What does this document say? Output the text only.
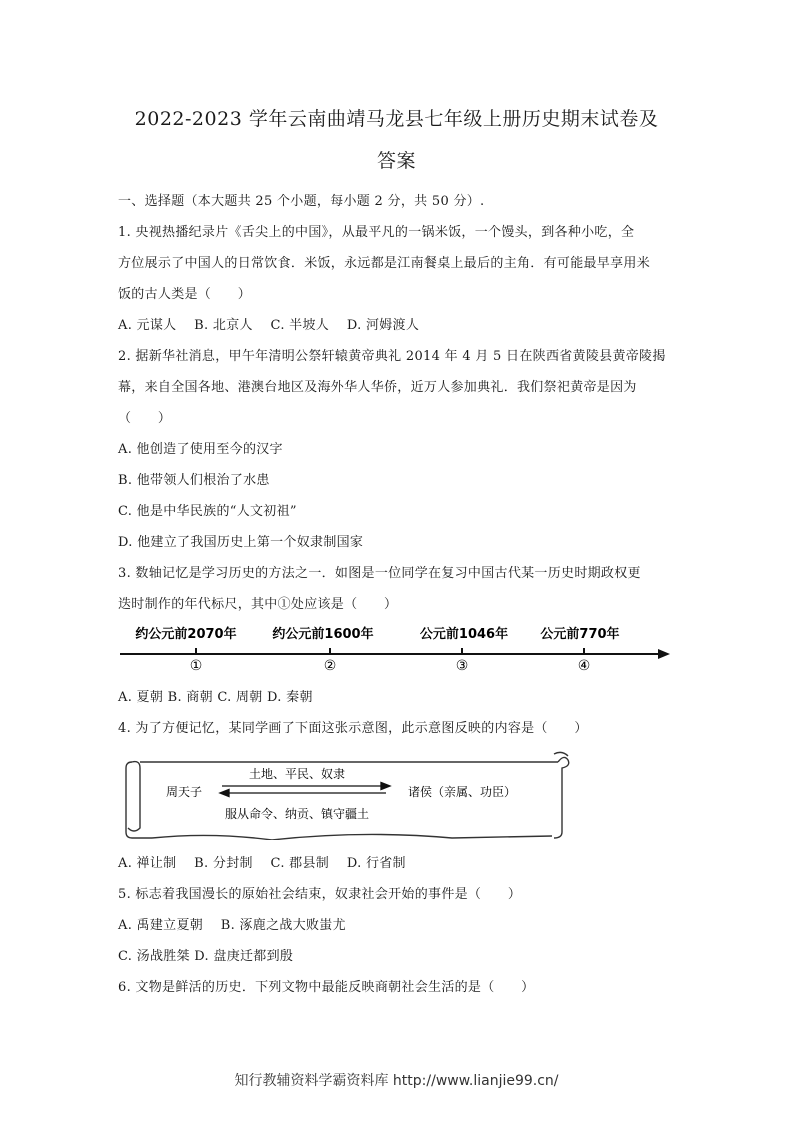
2022-2023 学年云南曲靖马龙县七年级上册历史期末试卷及
答案
一、选择题（本大题共 25 个小题，每小题 2 分，共 50 分）.
1. 央视热播纪录片《舌尖上的中国》，从最平凡的一锅米饭，一个馒头，到各种小吃，全
方位展示了中国人的日常饮食．米饭，永远都是江南餐桌上最后的主角．有可能最早享用米
饭的古人类是（　　）
A. 元谋人　 B. 北京人　 C. 半坡人　 D. 河姆渡人
2. 据新华社消息，甲午年清明公祭轩辕黄帝典礼 2014 年 4 月 5 日在陕西省黄陵县黄帝陵揭
幕，来自全国各地、港澳台地区及海外华人华侨，近万人参加典礼．我们祭祀黄帝是因为
（　　）
A. 他创造了使用至今的汉字
B. 他带领人们根治了水患
C. 他是中华民族的“人文初祖”
D. 他建立了我国历史上第一个奴隶制国家
3. 数轴记忆是学习历史的方法之一．如图是一位同学在复习中国古代某一历史时期政权更
迭时制作的年代标尺，其中①处应该是（　　）
约公元前2070年
①
约公元前1600年
②
公元前1046年
③
公元前770年
④
A. 夏朝 B. 商朝 C. 周朝 D. 秦朝
4. 为了方便记忆，某同学画了下面这张示意图，此示意图反映的内容是（　　）
周天子	诸侯（亲属、功臣）
土地、平民、奴隶
服从命令、纳贡、镇守疆土
A. 禅让制　 B. 分封制　 C. 郡县制　 D. 行省制
5. 标志着我国漫长的原始社会结束，奴隶社会开始的事件是（　　）
A. 禹建立夏朝　 B. 涿鹿之战大败蚩尤
C. 汤战胜桀 D. 盘庚迁都到殷
6. 文物是鲜活的历史．下列文物中最能反映商朝社会生活的是（　　）
知行教辅资料学霸资料库 http://www.lianjie99.cn/
